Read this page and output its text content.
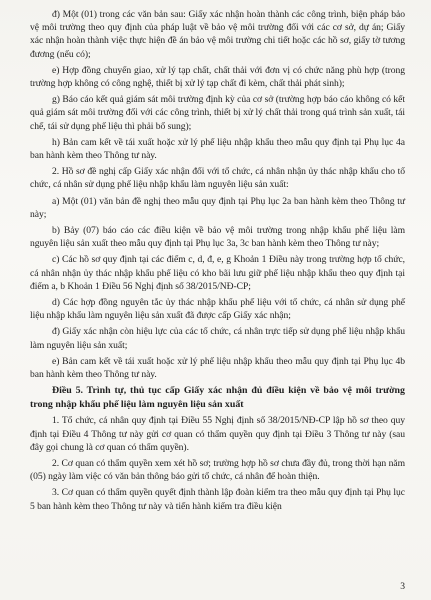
đ) Một (01) trong các văn bản sau: Giấy xác nhận hoàn thành các công trình, biện pháp bảo vệ môi trường theo quy định của pháp luật về bảo vệ môi trường đối với các cơ sở, dự án; Giấy xác nhận hoàn thành việc thực hiện đề án bảo vệ môi trường chi tiết hoặc các hồ sơ, giấy tờ tương đương (nếu có);

e) Hợp đồng chuyển giao, xử lý tạp chất, chất thải với đơn vị có chức năng phù hợp (trong trường hợp không có công nghệ, thiết bị xử lý tạp chất đi kèm, chất thải phát sinh);

g) Báo cáo kết quả giám sát môi trường định kỳ của cơ sở (trường hợp báo cáo không có kết quả giám sát môi trường đối với các công trình, thiết bị xử lý chất thải trong quá trình sản xuất, tái chế, tái sử dụng phế liệu thì phải bổ sung);

h) Bản cam kết về tái xuất hoặc xử lý phế liệu nhập khẩu theo mẫu quy định tại Phụ lục 4a ban hành kèm theo Thông tư này.

2. Hồ sơ đề nghị cấp Giấy xác nhận đối với tổ chức, cá nhân nhận ủy thác nhập khẩu cho tổ chức, cá nhân sử dụng phế liệu nhập khẩu làm nguyên liệu sản xuất:

a) Một (01) văn bản đề nghị theo mẫu quy định tại Phụ lục 2a ban hành kèm theo Thông tư này;

b) Bảy (07) báo cáo các điều kiện về bảo vệ môi trường trong nhập khẩu phế liệu làm nguyên liệu sản xuất theo mẫu quy định tại Phụ lục 3a, 3c ban hành kèm theo Thông tư này;

c) Các hồ sơ quy định tại các điểm c, d, đ, e, g Khoản 1 Điều này trong trường hợp tổ chức, cá nhân nhận ủy thác nhập khẩu phế liệu có kho bãi lưu giữ phế liệu nhập khẩu theo quy định tại điểm a, b Khoản 1 Điều 56 Nghị định số 38/2015/NĐ-CP;

d) Các hợp đồng nguyên tắc ủy thác nhập khẩu phế liệu với tổ chức, cá nhân sử dụng phế liệu nhập khẩu làm nguyên liệu sản xuất đã được cấp Giấy xác nhận;

đ) Giấy xác nhận còn hiệu lực của các tổ chức, cá nhân trực tiếp sử dụng phế liệu nhập khẩu làm nguyên liệu sản xuất;

e) Bản cam kết về tái xuất hoặc xử lý phế liệu nhập khẩu theo mẫu quy định tại Phụ lục 4b ban hành kèm theo Thông tư này.

Điều 5. Trình tự, thủ tục cấp Giấy xác nhận đủ điều kiện về bảo vệ môi trường trong nhập khẩu phế liệu làm nguyên liệu sản xuất

1. Tổ chức, cá nhân quy định tại Điều 55 Nghị định số 38/2015/NĐ-CP lập hồ sơ theo quy định tại Điều 4 Thông tư này gửi cơ quan có thẩm quyền quy định tại Điều 3 Thông tư này (sau đây gọi chung là cơ quan có thẩm quyền).

2. Cơ quan có thẩm quyền xem xét hồ sơ; trường hợp hồ sơ chưa đầy đủ, trong thời hạn năm (05) ngày làm việc có văn bản thông báo gửi tổ chức, cá nhân để hoàn thiện.

3. Cơ quan có thẩm quyền quyết định thành lập đoàn kiểm tra theo mẫu quy định tại Phụ lục 5 ban hành kèm theo Thông tư này và tiến hành kiểm tra điều kiện

3
